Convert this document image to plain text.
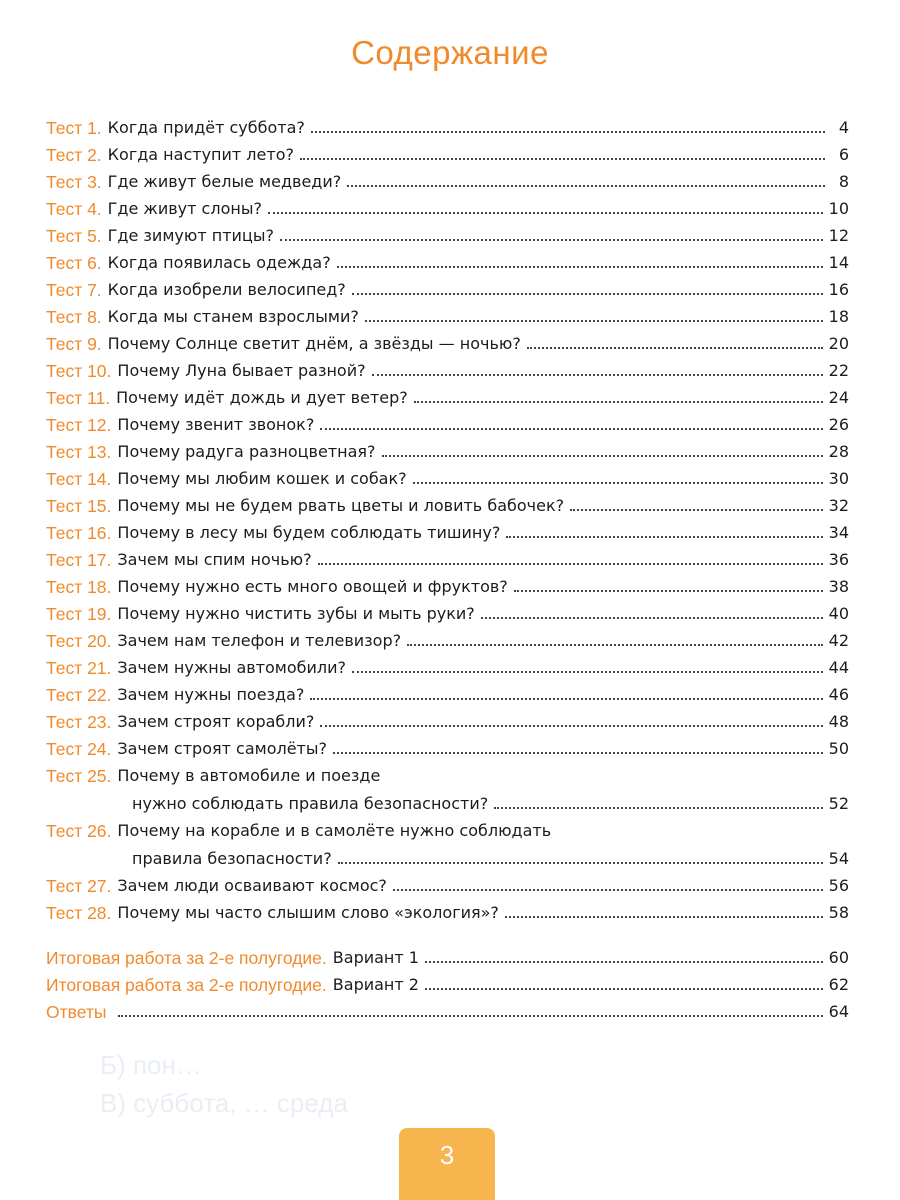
Б) пон…
В) суббота, … среда
Содержание
Тест 1. Когда придёт суббота?	4
Тест 2. Когда наступит лето?	6
Тест 3. Где живут белые медведи?	8
Тест 4. Где живут слоны?	10
Тест 5. Где зимуют птицы?	12
Тест 6. Когда появилась одежда?	14
Тест 7. Когда изобрели велосипед?	16
Тест 8. Когда мы станем взрослыми?	18
Тест 9. Почему Солнце светит днём, а звёзды — ночью?	20
Тест 10. Почему Луна бывает разной?	22
Тест 11. Почему идёт дождь и дует ветер?	24
Тест 12. Почему звенит звонок?	26
Тест 13. Почему радуга разноцветная?	28
Тест 14. Почему мы любим кошек и собак?	30
Тест 15. Почему мы не будем рвать цветы и ловить бабочек?	32
Тест 16. Почему в лесу мы будем соблюдать тишину?	34
Тест 17. Зачем мы спим ночью?	36
Тест 18. Почему нужно есть много овощей и фруктов?	38
Тест 19. Почему нужно чистить зубы и мыть руки?	40
Тест 20. Зачем нам телефон и телевизор?	42
Тест 21. Зачем нужны автомобили?	44
Тест 22. Зачем нужны поезда?	46
Тест 23. Зачем строят корабли?	48
Тест 24. Зачем строят самолёты?	50
Тест 25. Почему в автомобиле и поезде
нужно соблюдать правила безопасности?	52
Тест 26. Почему на корабле и в самолёте нужно соблюдать
правила безопасности?	54
Тест 27. Зачем люди осваивают космос?	56
Тест 28. Почему мы часто слышим слово «экология»?	58
Итоговая работа за 2-е полугодие. Вариант 1	60
Итоговая работа за 2-е полугодие. Вариант 2	62
Ответы	64
3
